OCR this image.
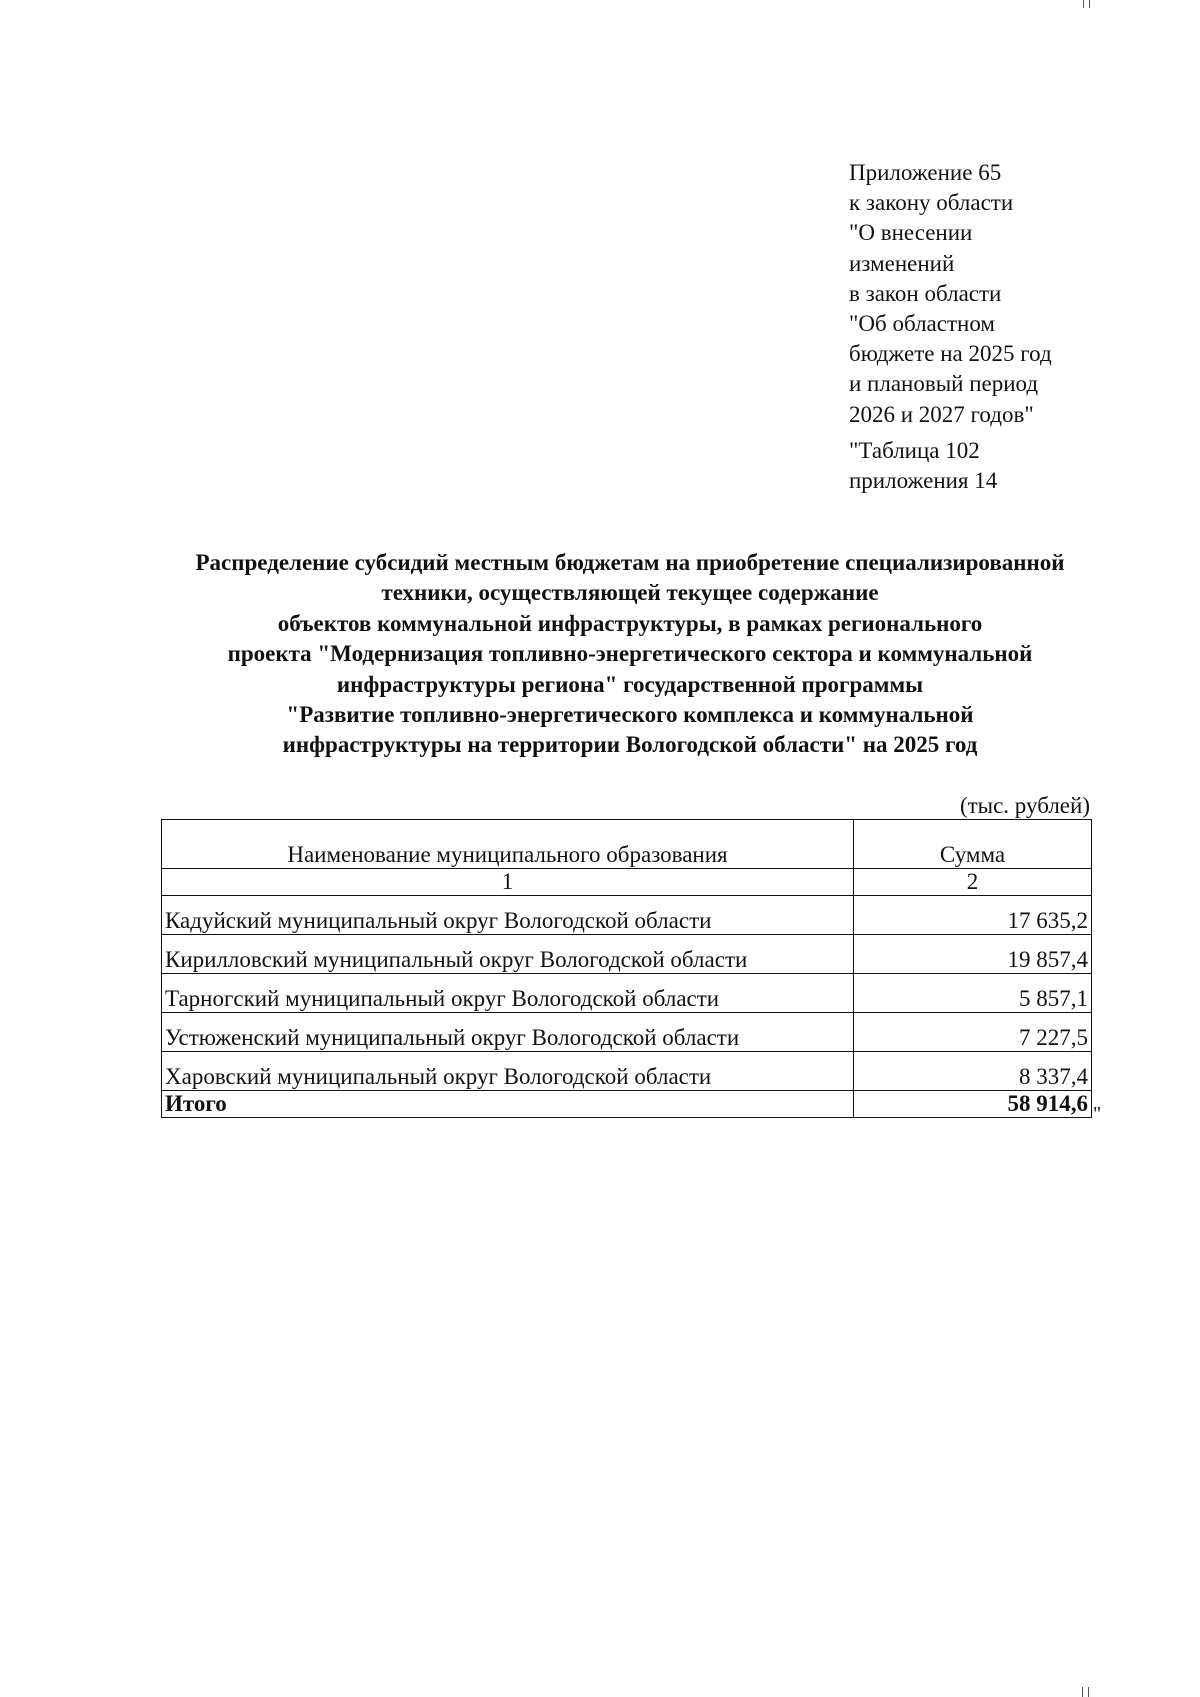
Приложение 65
к закону области
"О внесении
изменений
в закон области
"Об областном
бюджете на 2025 год
и плановый период
2026 и 2027 годов"
"Таблица 102
приложения 14
Распределение субсидий местным бюджетам на приобретение специализированной
техники, осуществляющей текущее содержание
объектов коммунальной инфраструктуры, в рамках регионального
проекта "Модернизация топливно-энергетического сектора и коммунальной
инфраструктуры региона" государственной программы
"Развитие топливно-энергетического комплекса и коммунальной
инфраструктуры на территории Вологодской области" на 2025 год
(тыс. рублей)
Наименование муниципального образования	Сумма
1	2
Кадуйский муниципальный округ Вологодской области	17 635,2
Кирилловский муниципальный округ Вологодской области	19 857,4
Тарногский муниципальный округ Вологодской области	5 857,1
Устюженский муниципальный округ Вологодской области	7 227,5
Харовский муниципальный округ Вологодской области	8 337,4
Итого	58 914,6 "
